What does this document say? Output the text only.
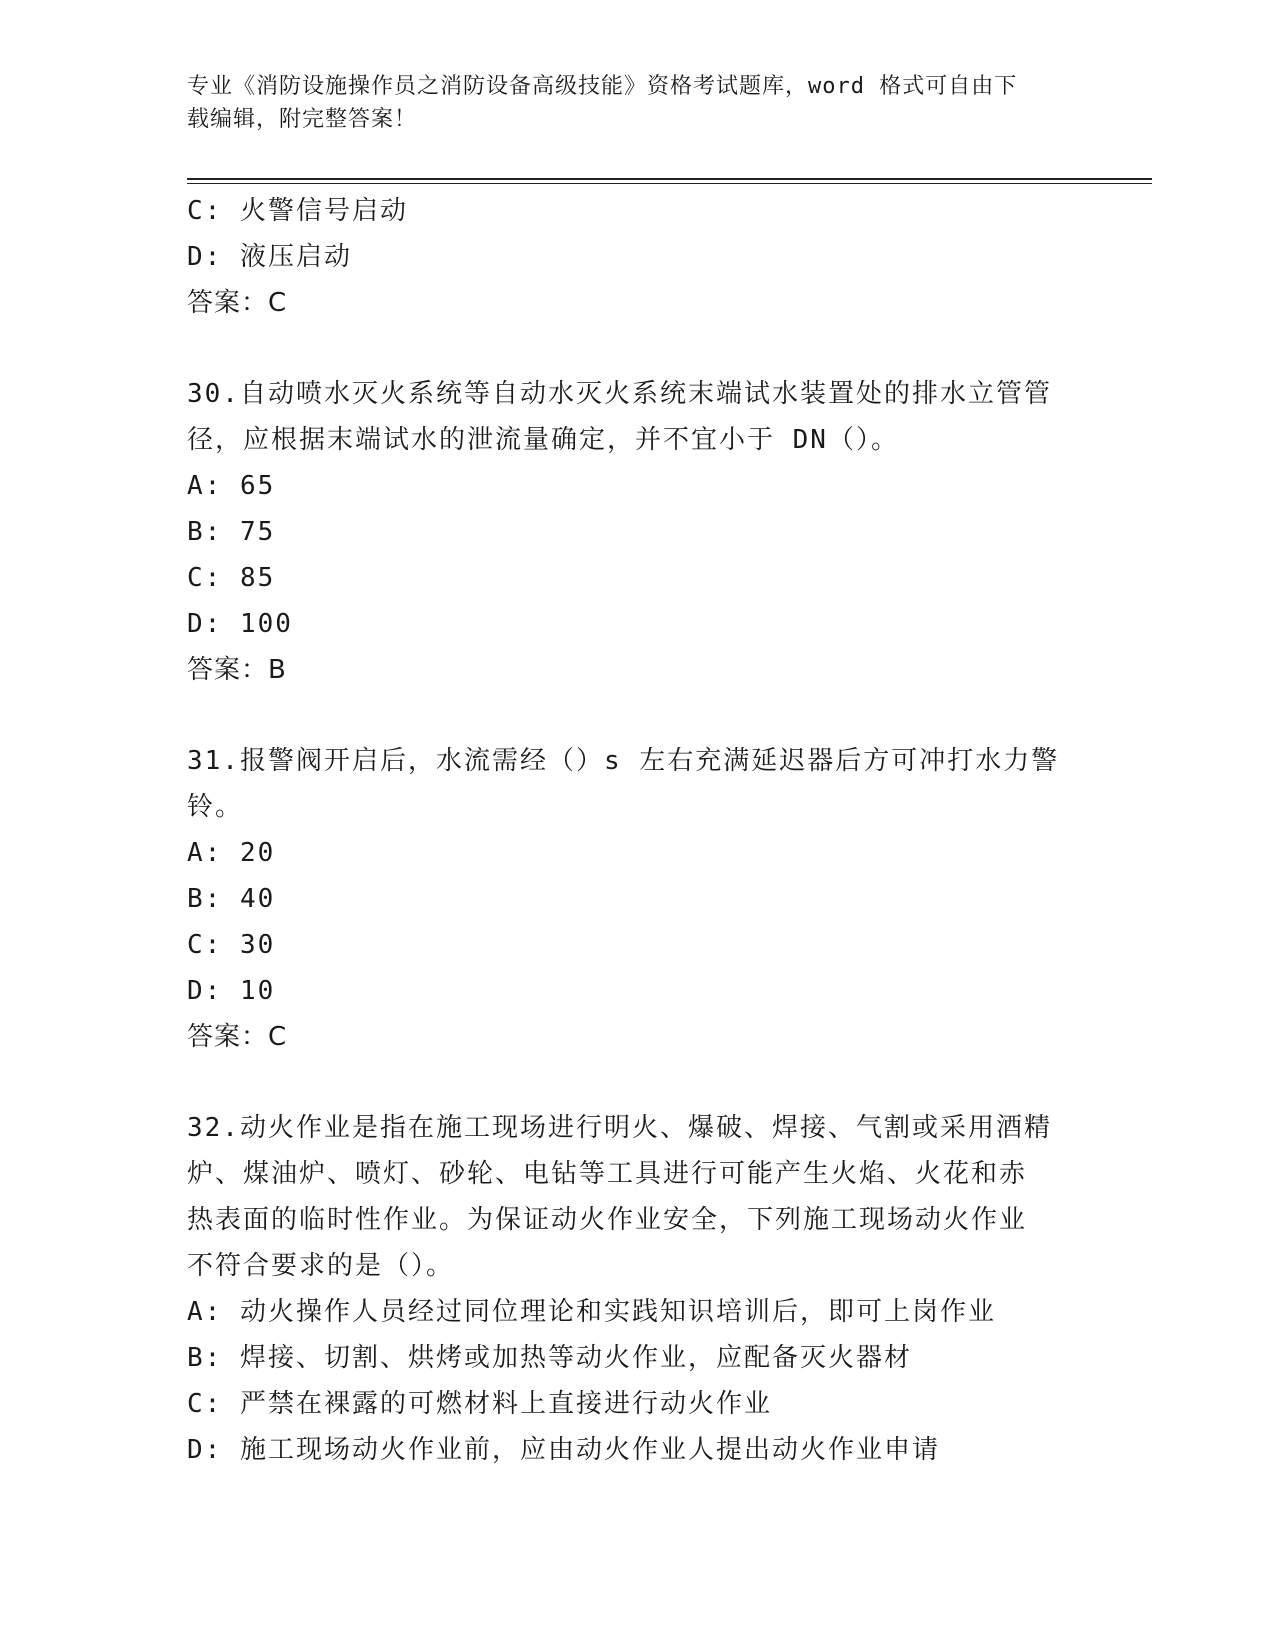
专业《消防设施操作员之消防设备高级技能》资格考试题库，word 格式可自由下
载编辑，附完整答案！
C: 火警信号启动
D: 液压启动
答案：C
30.自动喷水灭火系统等自动水灭火系统末端试水装置处的排水立管管
径，应根据末端试水的泄流量确定，并不宜小于 DN（）。
A: 65
B: 75
C: 85
D: 100
答案：B
31.报警阀开启后，水流需经（）s 左右充满延迟器后方可冲打水力警
铃。
A: 20
B: 40
C: 30
D: 10
答案：C
32.动火作业是指在施工现场进行明火、爆破、焊接、气割或采用酒精
炉、煤油炉、喷灯、砂轮、电钻等工具进行可能产生火焰、火花和赤
热表面的临时性作业。为保证动火作业安全，下列施工现场动火作业
不符合要求的是（）。
A: 动火操作人员经过同位理论和实践知识培训后，即可上岗作业
B: 焊接、切割、烘烤或加热等动火作业，应配备灭火器材
C: 严禁在裸露的可燃材料上直接进行动火作业
D: 施工现场动火作业前，应由动火作业人提出动火作业申请
